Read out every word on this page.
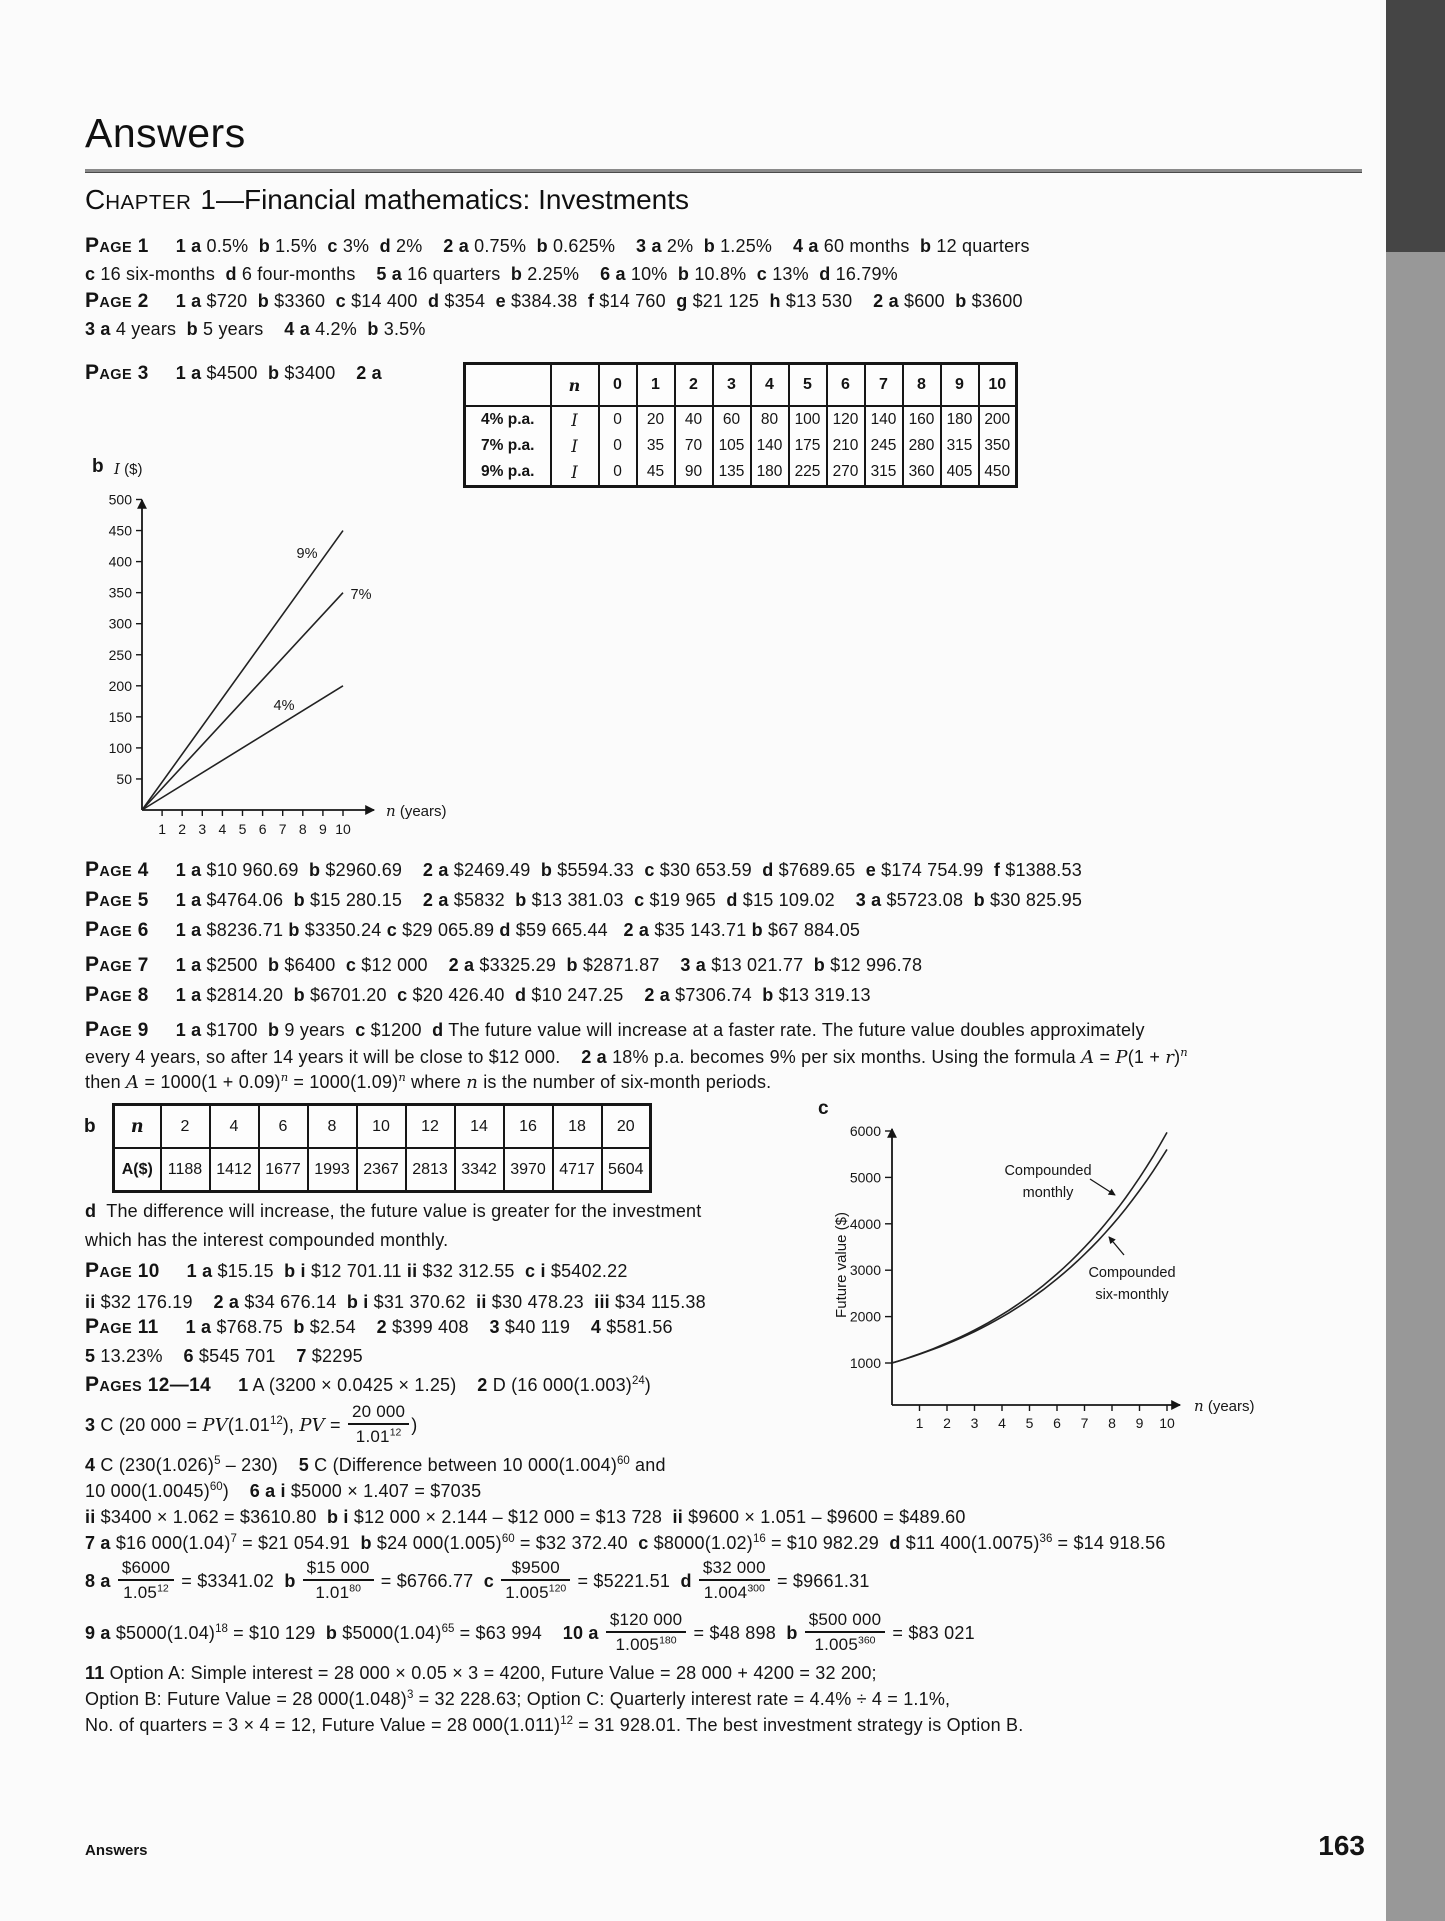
Answers
CHAPTER 1—Financial mathematics: Investments
PAGE 1 1 a 0.5%  b 1.5%  c 3%  d 2%    2 a 0.75%  b 0.625%    3 a 2%  b 1.25%    4 a 60 months  b 12 quarters
c 16 six-months  d 6 four-months    5 a 16 quarters  b 2.25%    6 a 10%  b 10.8%  c 13%  d 16.79%
PAGE 2 1 a $720  b $3360  c $14 400  d $354  e $384.38  f $14 760  g $21 125  h $13 530    2 a $600  b $3600
3 a 4 years  b 5 years    4 a 4.2%  b 3.5%
PAGE 3 1 a $4500  b $3400    2 a
	n	0	1	2	3	4	5	6	7	8	9	10
4% p.a.	I	0	20	40	60	80	100	120	140	160	180	200
7% p.a.	I	0	35	70	105	140	175	210	245	280	315	350
9% p.a.	I	0	45	90	135	180	225	270	315	360	405	450
b
50
100
150
200
250
300
350
400
450
500
1 2 3 4 5 6 7 8 9 10
I ($)
n (years)
9%
7%
4%
PAGE 4 1 a $10 960.69  b $2960.69    2 a $2469.49  b $5594.33  c $30 653.59  d $7689.65  e $174 754.99  f $1388.53
PAGE 5 1 a $4764.06  b $15 280.15    2 a $5832  b $13 381.03  c $19 965  d $15 109.02    3 a $5723.08  b $30 825.95
PAGE 6 1 a $8236.71 b $3350.24 c $29 065.89 d $59 665.44   2 a $35 143.71 b $67 884.05
PAGE 7 1 a $2500  b $6400  c $12 000    2 a $3325.29  b $2871.87    3 a $13 021.77  b $12 996.78
PAGE 8 1 a $2814.20  b $6701.20  c $20 426.40  d $10 247.25    2 a $7306.74  b $13 319.13
PAGE 9 1 a $1700  b 9 years  c $1200  d The future value will increase at a faster rate. The future value doubles approximately
every 4 years, so after 14 years it will be close to $12 000.    2 a 18% p.a. becomes 9% per six months. Using the formula $A = P(1 + r)^n$
then $A = 1000(1 + 0.09)^n = 1000(1.09)^n$ where n is the number of six-month periods.
b n	2	4	6	8	10	12	14	16	18	20
A($)	1188	1412	1677	1993	2367	2813	3342	3970	4717	5604
c
1000
2000
3000
4000
5000
6000
1 2 3 4 5 6 7 8 9 10
Future value ($)
n (years)
Compounded
monthly
Compounded
six-monthly
d  The difference will increase, the future value is greater for the investment
which has the interest compounded monthly.
PAGE 10 1 a $15.15  b i $12 701.11 ii $32 312.55  c i $5402.22
ii $32 176.19    2 a $34 676.14  b i $31 370.62  ii $30 478.23  iii $34 115.38
PAGE 11 1 a $768.75  b $2.54    2 $399 408    3 $40 119    4 $581.56
5 13.23%    6 $545 701    7 $2295
PAGES 12—14 1 A (3200 × 0.0425 × 1.25)    2 D (16 $000(1.003)^{24}$)
3 C (20 $000 = PV(1.01^{12})$, PV = $\frac{20 000}{1.01^{12}}$ )
4 C $(230(1.026)^5 - 230)$    5 C (Difference between 10 $000(1.004)^{60}$ and
10 $000(1.0045)^{60}$)    6 a i $5000 × 1.407 = $7035
ii $3400 × 1.062 = $3610.80  b i $12 000 × 2.144 – $12 000 = $13 728  ii $9600 × 1.051 – $9600 = $489.60
7 a $16 $000(1.04)^7$ = $21 054.91  b $24 $000(1.005)^{60}$ = $32 372.40  c $\$8000(1.02)^{16}$ = $10 982.29  d $11 $400(1.0075)^{36}$ = $14 918.56
8 a $\frac{\$6000}{1.05^{12}}$ = $3341.02  b $\frac{\$15 000}{1.01^{80}}$ = $6766.77  c $\frac{\$9500}{1.005^{120}}$ = $5221.51  d $\frac{\$32 000}{1.004^{300}}$ = $9661.31
9 a $\$5000(1.04)^{18}$ = $10 129  b $\$5000(1.04)^{65}$ = $63 994    10 a $\frac{\$120 000}{1.005^{180}}$ = $48 898  b $\frac{\$500 000}{1.005^{360}}$ = $83 021
11 Option A: Simple interest = 28 000 × 0.05 × 3 = 4200, Future Value = 28 000 + 4200 = 32 200;
Option B: Future Value = 28 $000(1.048)^3 = 32$ 228.63; Option C: Quarterly interest rate = 4.4% ÷ 4 = 1.1%,
No. of quarters = 3 × 4 = 12, Future Value = 28 $000(1.011)^{12} = 31$ 928.01. The best investment strategy is Option B.
Answers	163
